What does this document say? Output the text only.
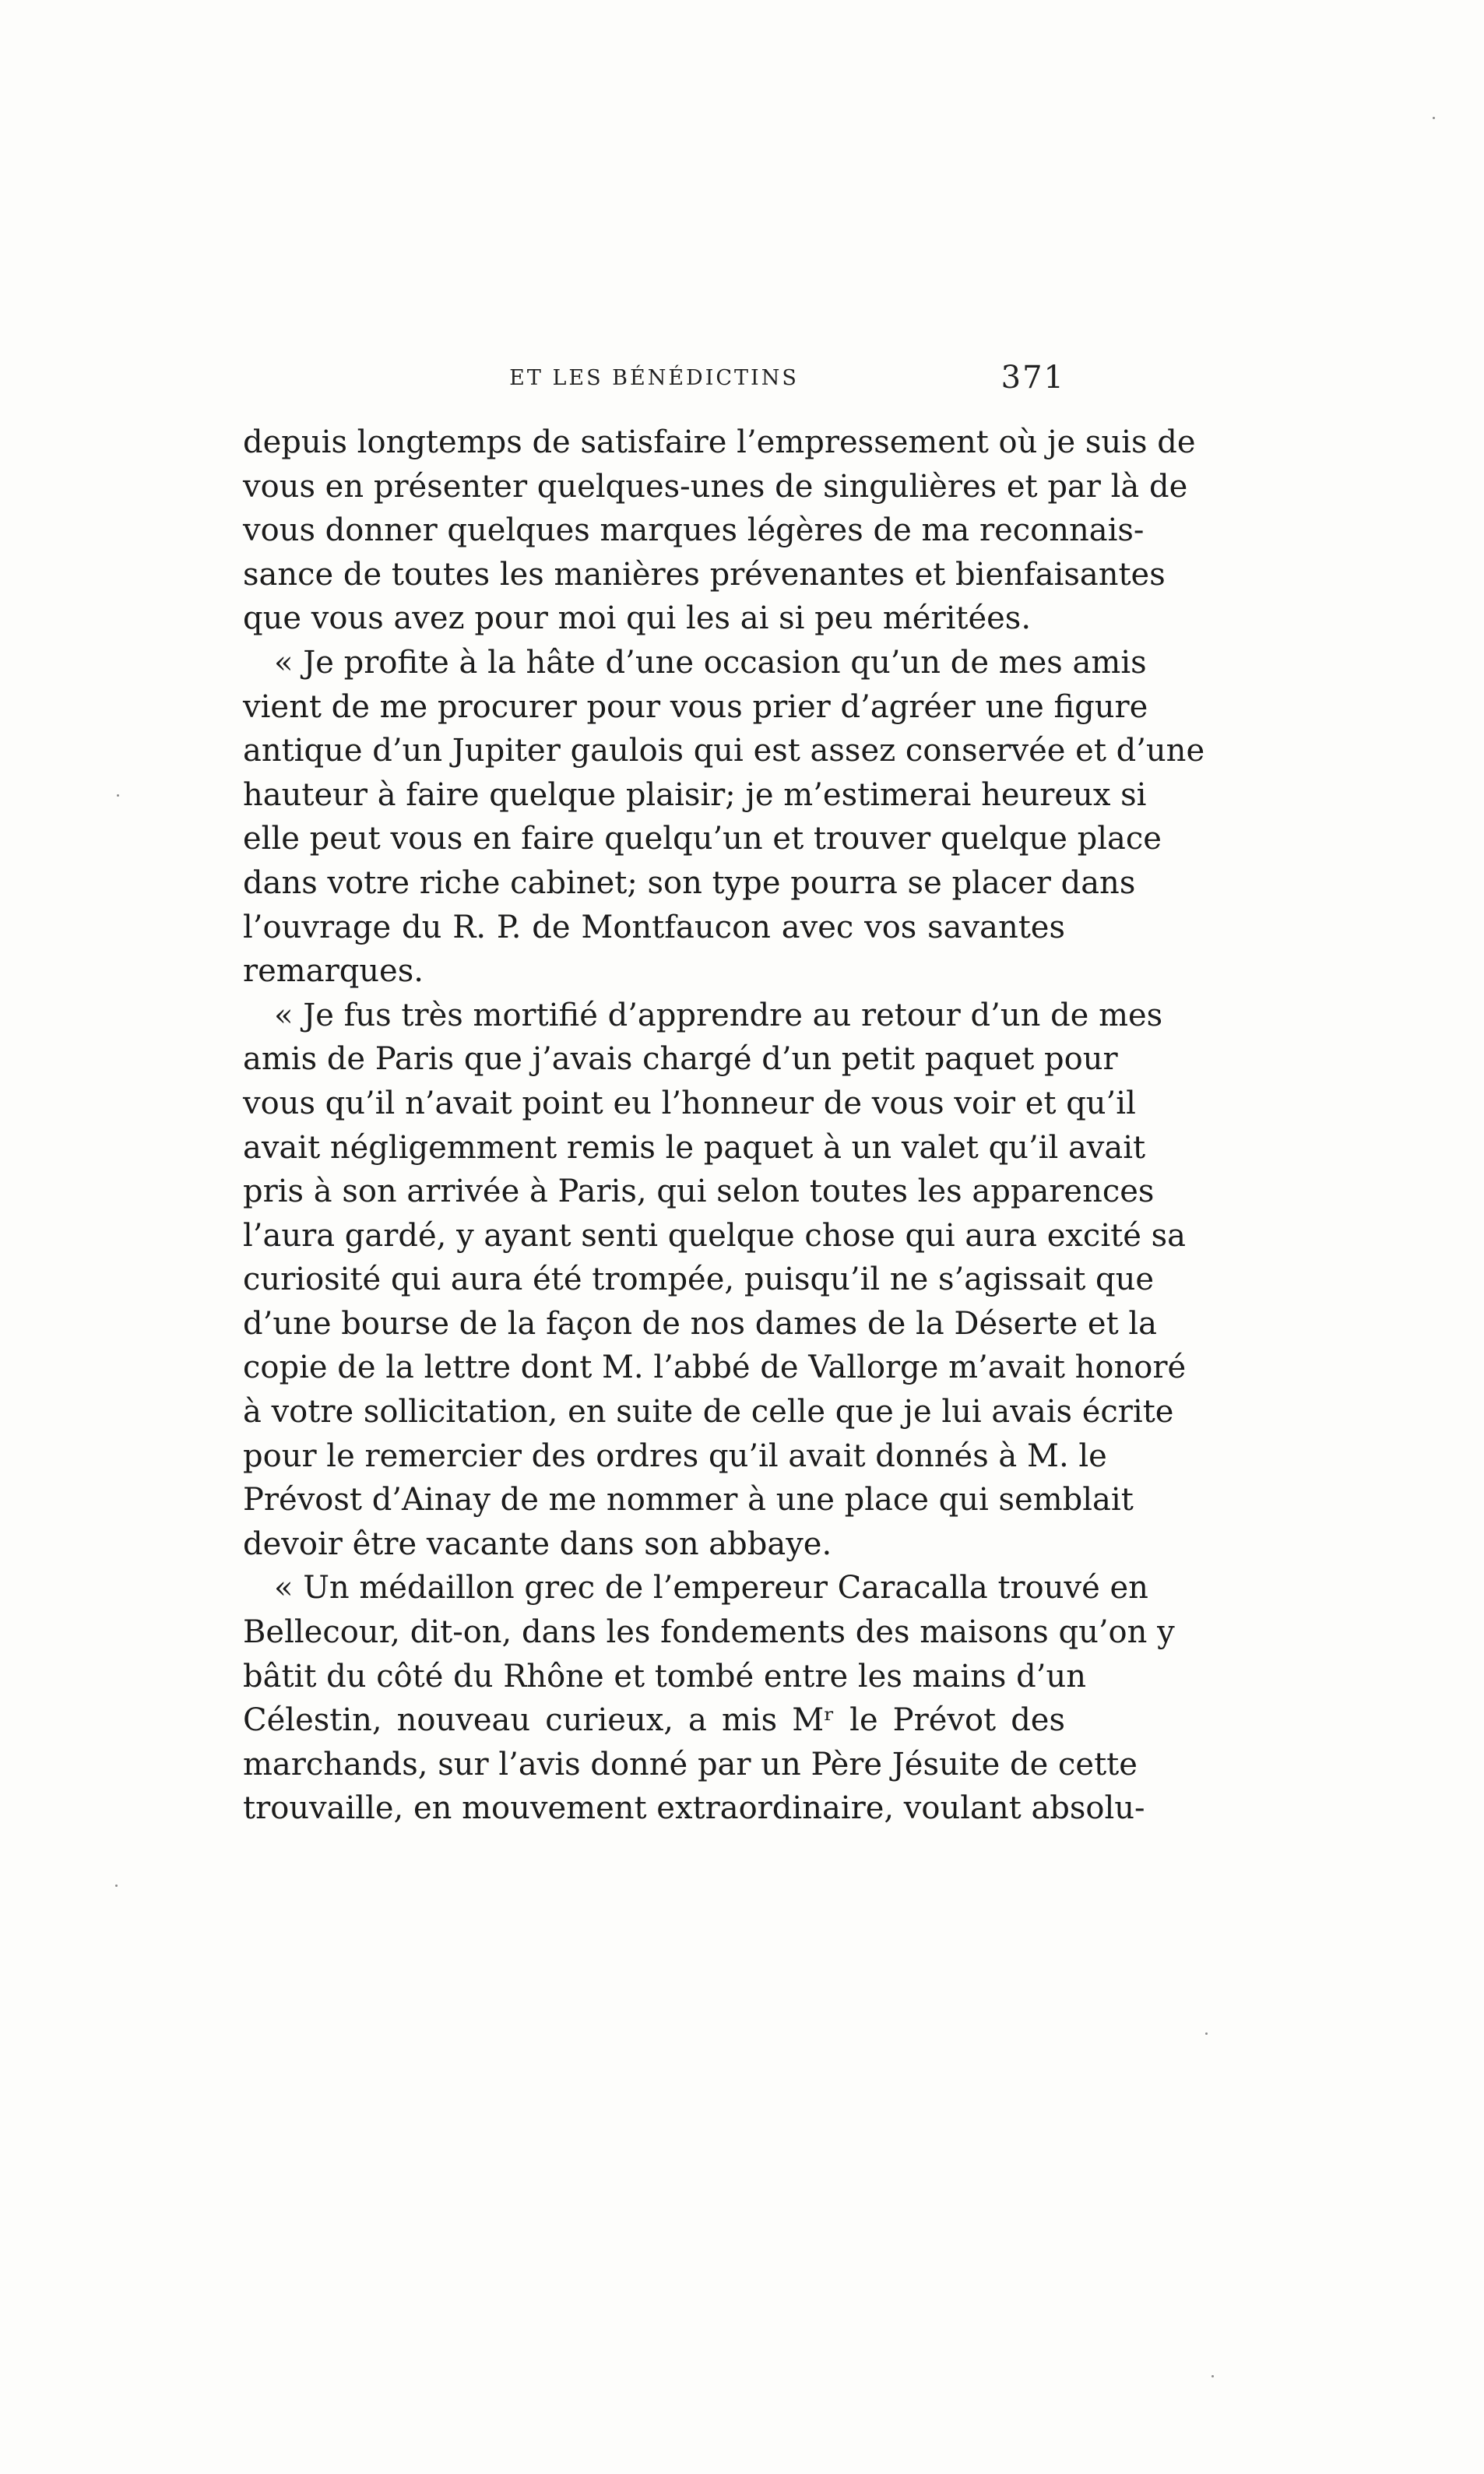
ET LES BÉNÉDICTINS	371
depuis longtemps de satisfaire l’empressement où je suis de
vous en présenter quelques-unes de singulières et par là de
vous donner quelques marques légères de ma reconnais-
sance de toutes les manières prévenantes et bienfaisantes
que vous avez pour moi qui les ai si peu méritées.
« Je profite à la hâte d’une occasion qu’un de mes amis
vient de me procurer pour vous prier d’agréer une figure
antique d’un Jupiter gaulois qui est assez conservée et d’une
hauteur à faire quelque plaisir; je m’estimerai heureux si
elle peut vous en faire quelqu’un et trouver quelque place
dans votre riche cabinet; son type pourra se placer dans
l’ouvrage du R. P. de Montfaucon avec vos savantes
remarques.
« Je fus très mortifié d’apprendre au retour d’un de mes
amis de Paris que j’avais chargé d’un petit paquet pour
vous qu’il n’avait point eu l’honneur de vous voir et qu’il
avait négligemment remis le paquet à un valet qu’il avait
pris à son arrivée à Paris, qui selon toutes les apparences
l’aura gardé, y ayant senti quelque chose qui aura excité sa
curiosité qui aura été trompée, puisqu’il ne s’agissait que
d’une bourse de la façon de nos dames de la Déserte et la
copie de la lettre dont M. l’abbé de Vallorge m’avait honoré
à votre sollicitation, en suite de celle que je lui avais écrite
pour le remercier des ordres qu’il avait donnés à M. le
Prévost d’Ainay de me nommer à une place qui semblait
devoir être vacante dans son abbaye.
« Un médaillon grec de l’empereur Caracalla trouvé en
Bellecour, dit-on, dans les fondements des maisons qu’on y
bâtit du côté du Rhône et tombé entre les mains d’un
Célestin, nouveau curieux, a mis Mʳ le Prévot des
marchands, sur l’avis donné par un Père Jésuite de cette
trouvaille, en mouvement extraordinaire, voulant absolu-
